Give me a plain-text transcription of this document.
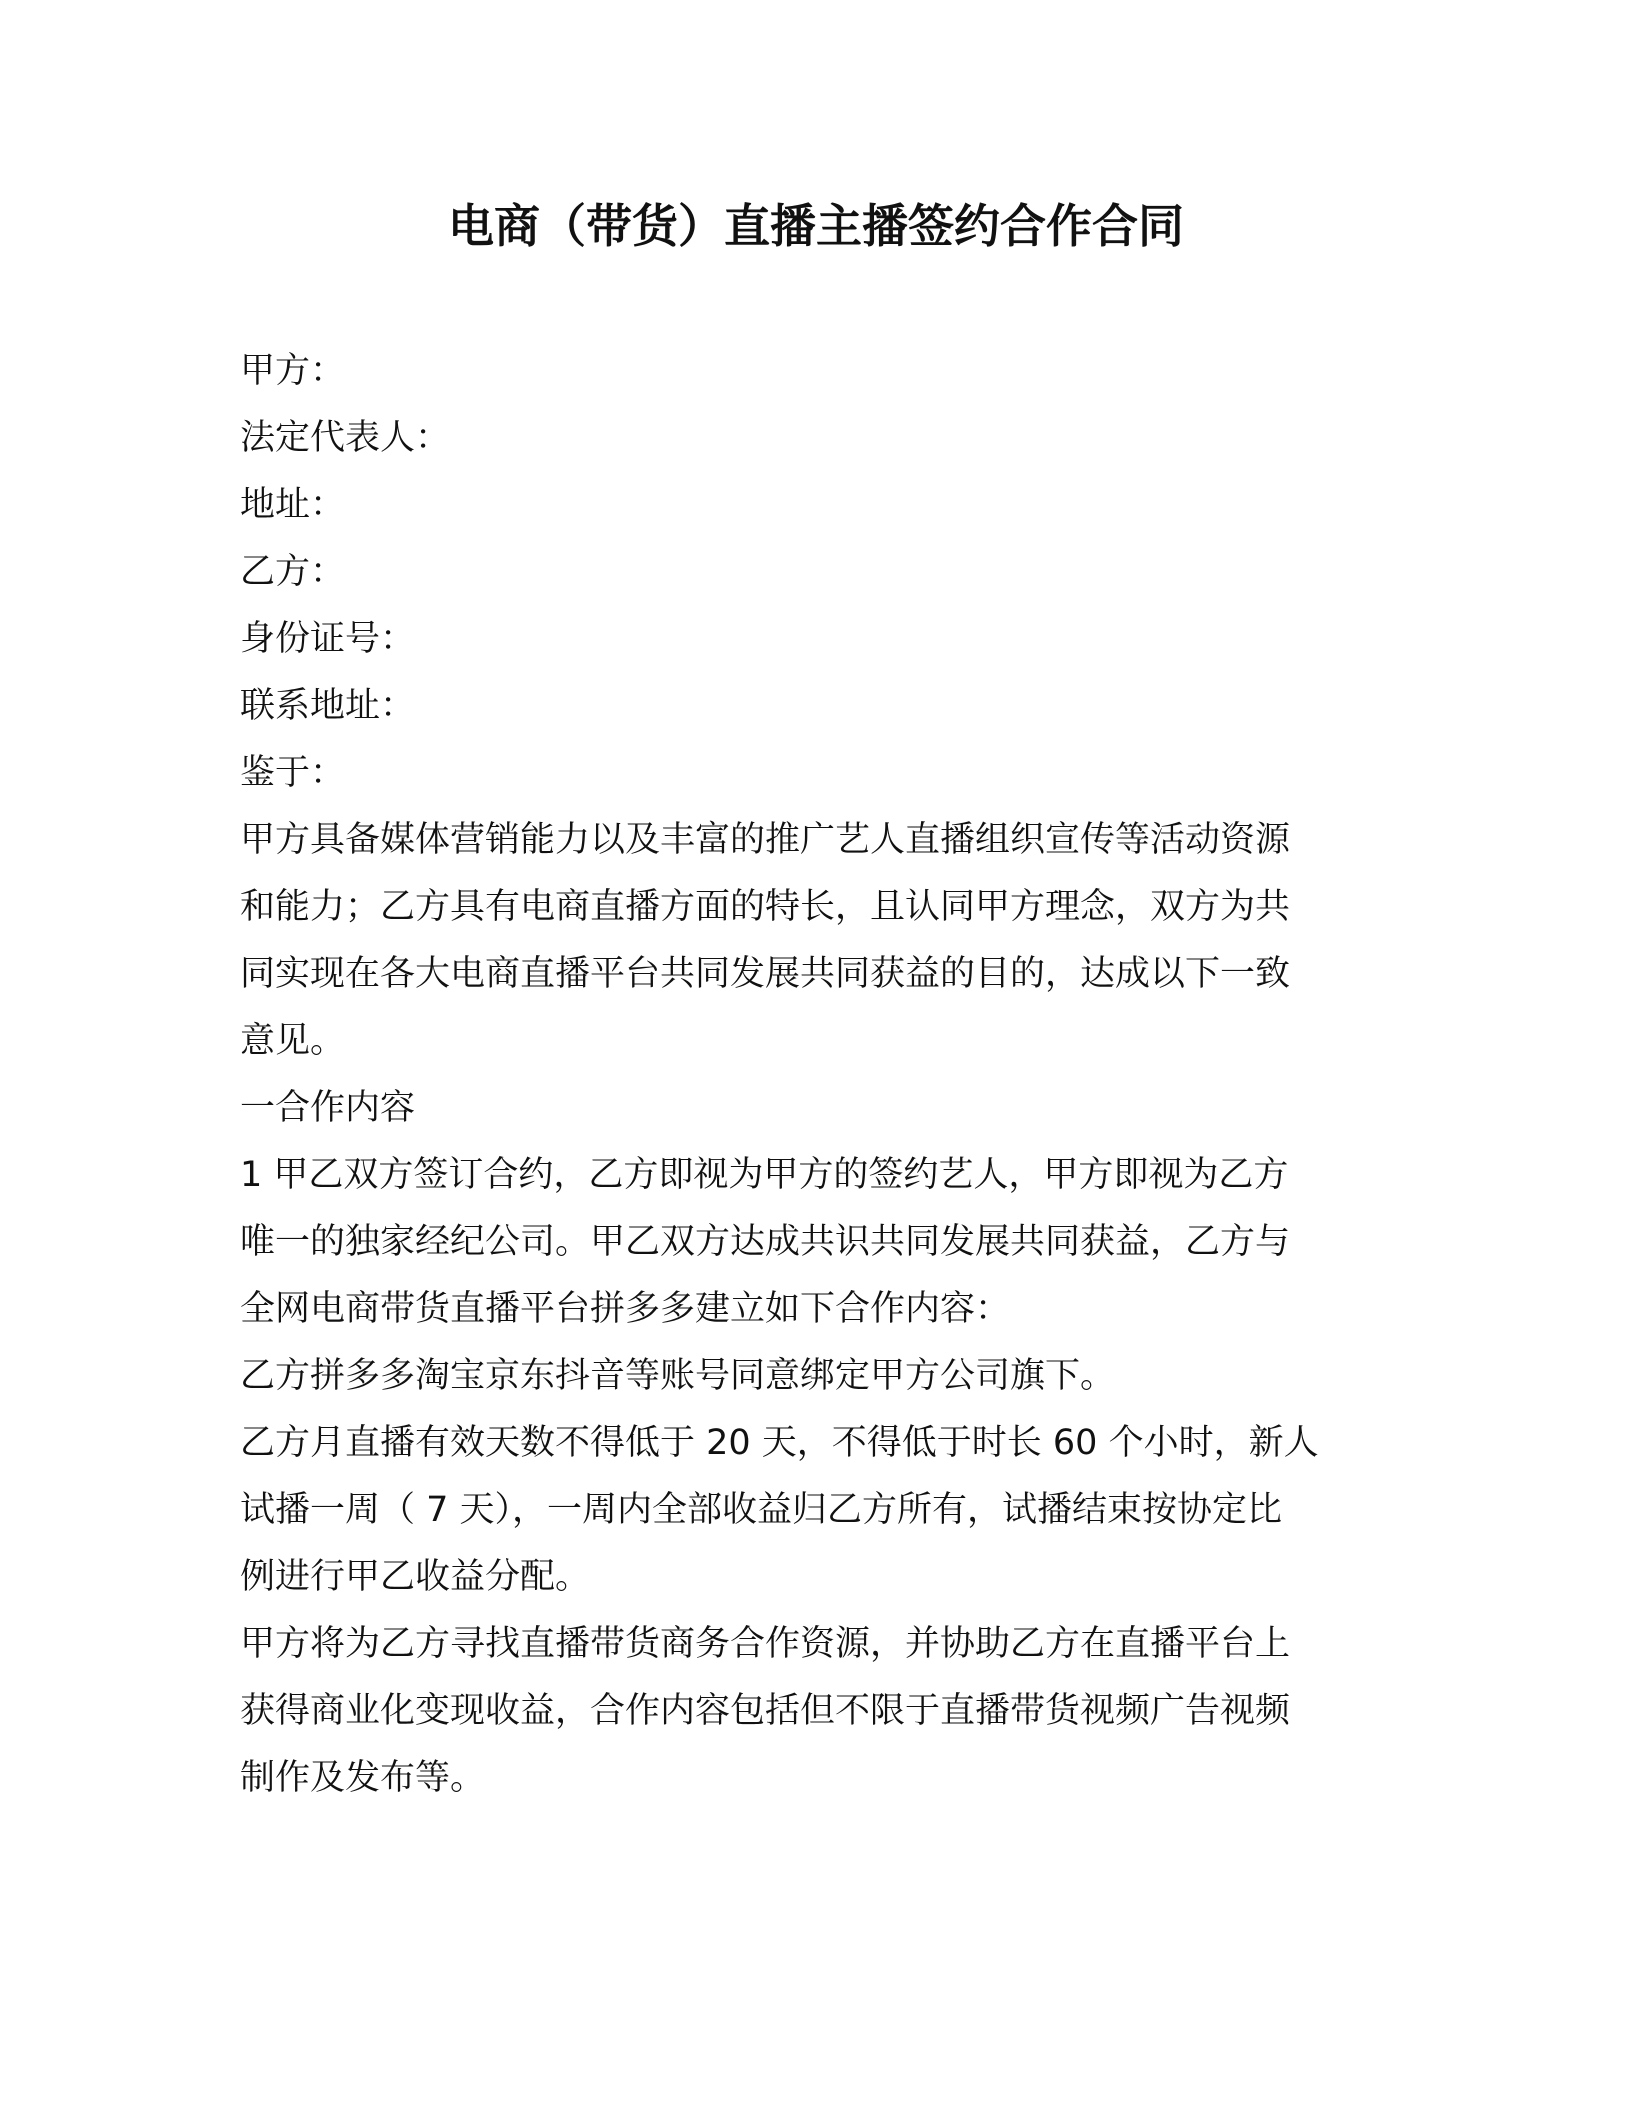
电商（带货）直播主播签约合作合同
甲方：
法定代表人：
地址：
乙方：
身份证号：
联系地址：
鉴于：
甲方具备媒体营销能力以及丰富的推广艺人直播组织宣传等活动资源
和能力；乙方具有电商直播方面的特长，且认同甲方理念，双方为共
同实现在各大电商直播平台共同发展共同获益的目的，达成以下一致
意见。
一合作内容
1 甲乙双方签订合约，乙方即视为甲方的签约艺人，甲方即视为乙方
唯一的独家经纪公司。甲乙双方达成共识共同发展共同获益，乙方与
全网电商带货直播平台拼多多建立如下合作内容：
乙方拼多多淘宝京东抖音等账号同意绑定甲方公司旗下。
乙方月直播有效天数不得低于 20 天，不得低于时长 60 个小时，新人
试播一周（ 7 天），一周内全部收益归乙方所有，试播结束按协定比
例进行甲乙收益分配。
甲方将为乙方寻找直播带货商务合作资源，并协助乙方在直播平台上
获得商业化变现收益，合作内容包括但不限于直播带货视频广告视频
制作及发布等。
